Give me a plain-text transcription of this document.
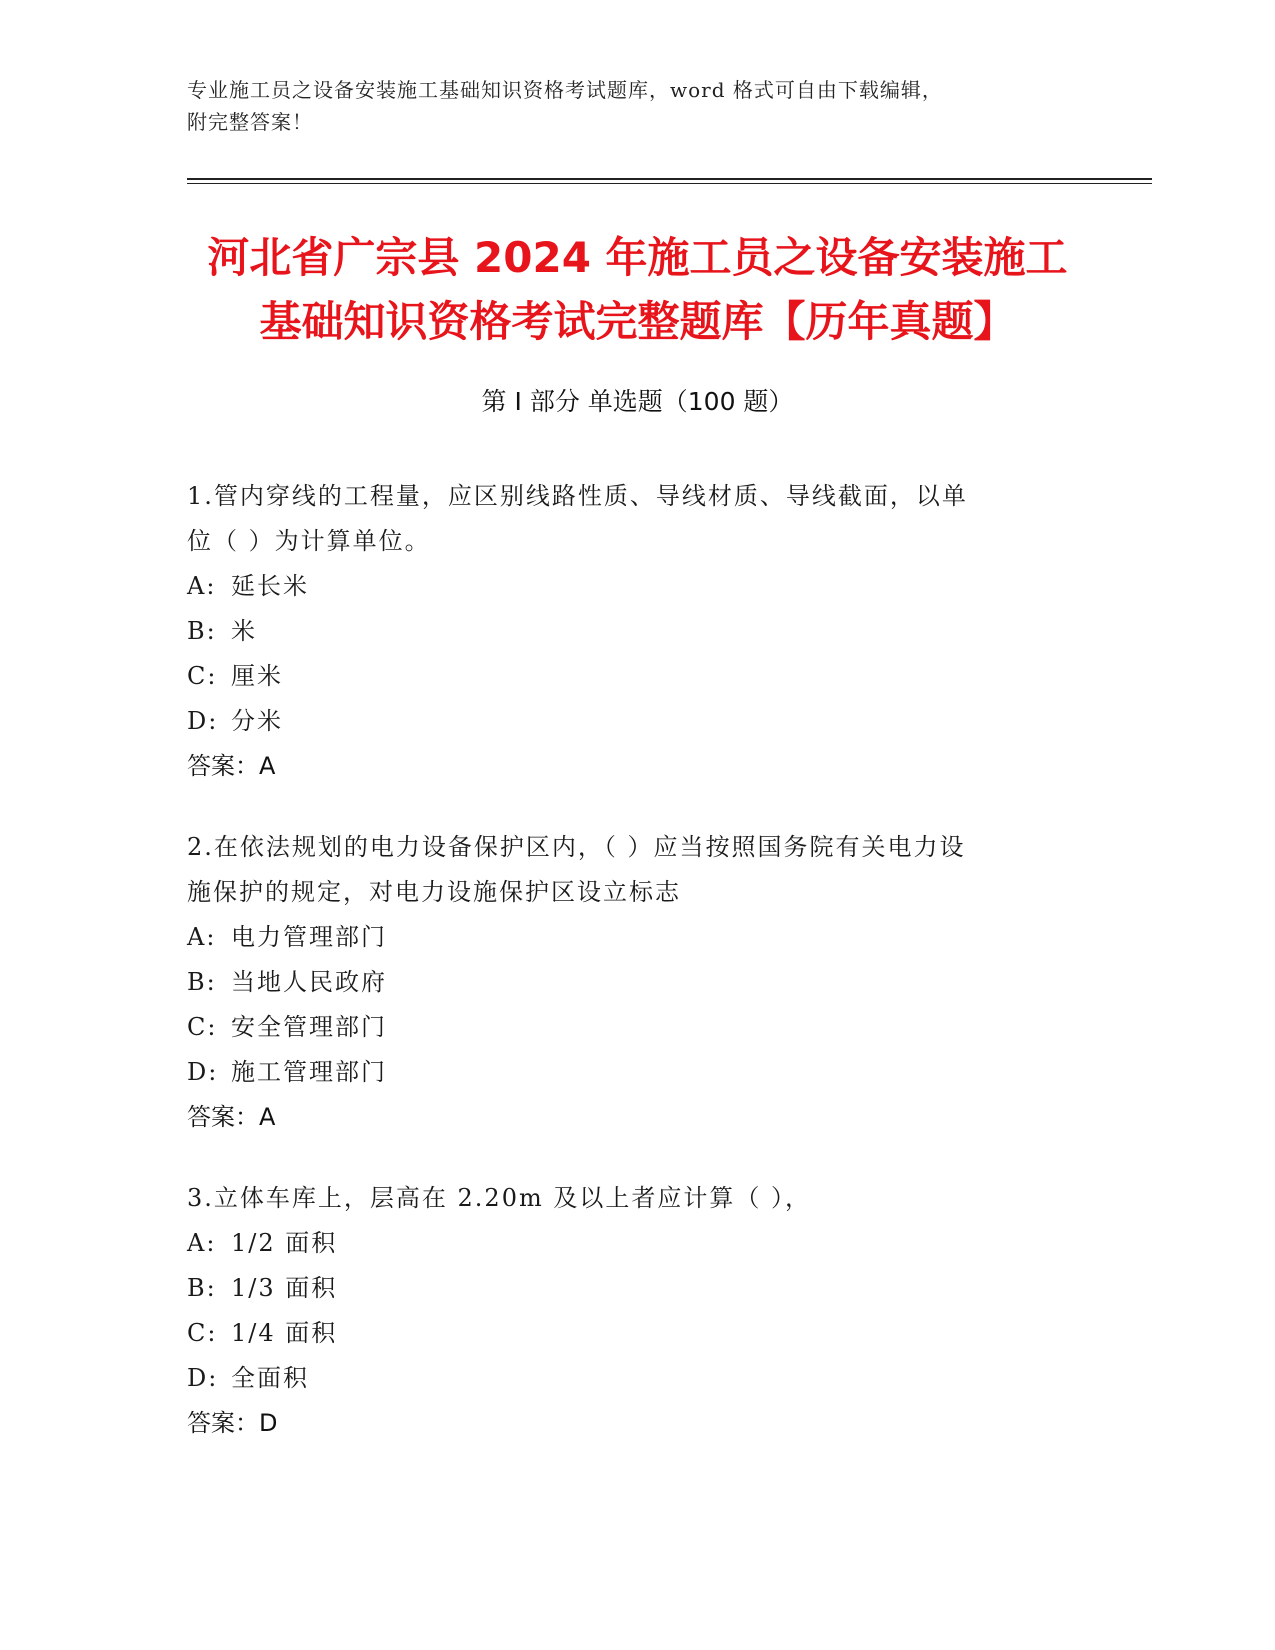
专业施工员之设备安装施工基础知识资格考试题库，word 格式可自由下载编辑，
附完整答案！
河北省广宗县 2024 年施工员之设备安装施工
基础知识资格考试完整题库【历年真题】
第 I 部分 单选题（100 题）

1.管内穿线的工程量，应区别线路性质、导线材质、导线截面，以单

位（ ）为计算单位。

A: 延长米

B: 米

C: 厘米

D: 分米

答案：A

2.在依法规划的电力设备保护区内，（ ）应当按照国务院有关电力设

施保护的规定，对电力设施保护区设立标志

A: 电力管理部门

B: 当地人民政府

C: 安全管理部门

D: 施工管理部门

答案：A

3.立体车库上，层高在 2.20m 及以上者应计算（ ），

A: 1/2 面积

B: 1/3 面积

C: 1/4 面积

D: 全面积

答案：D
